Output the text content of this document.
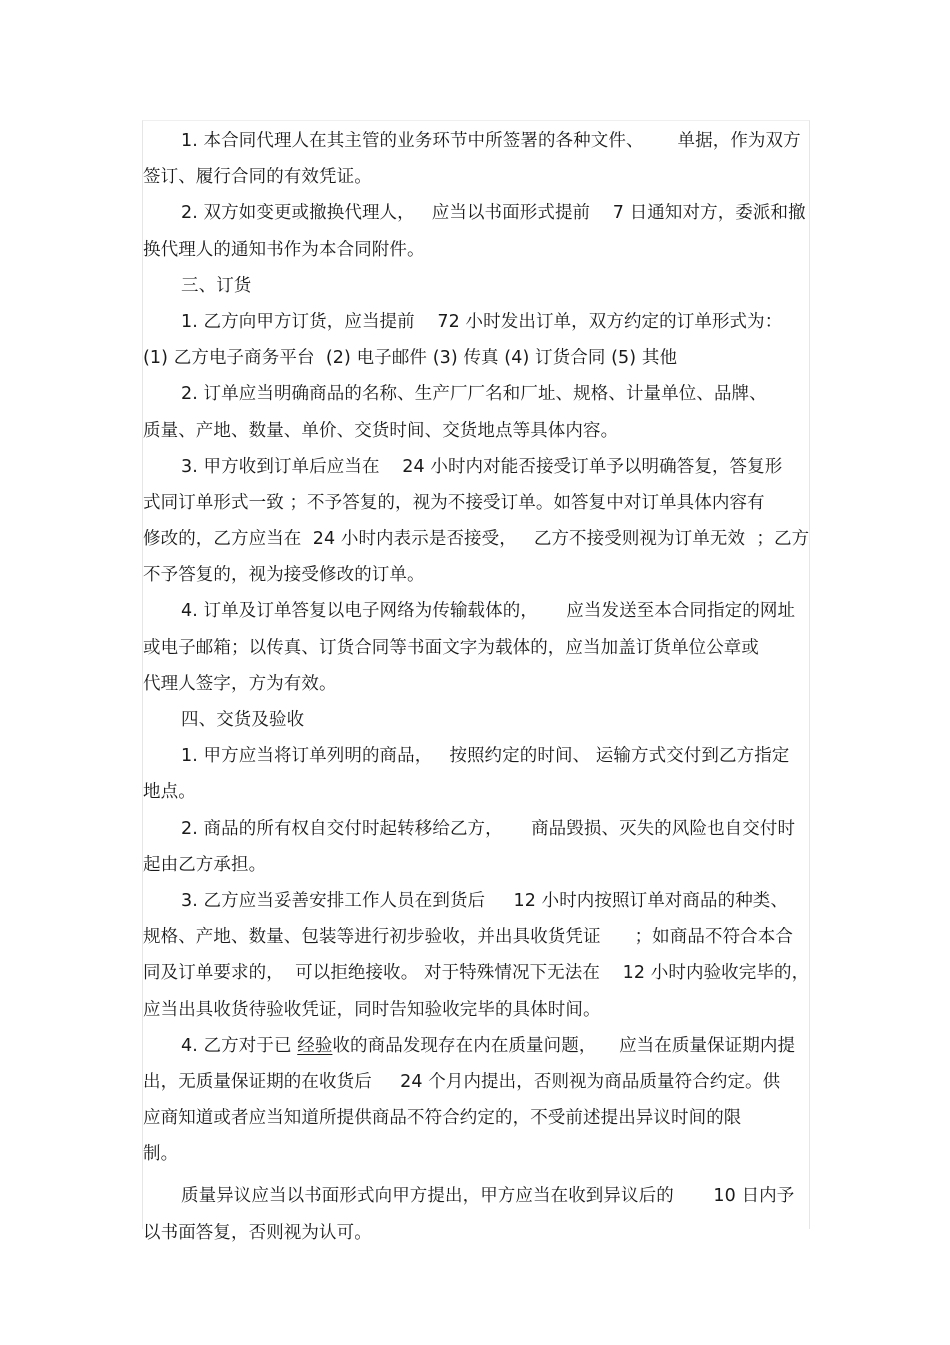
1. 本合同代理人在其主管的业务环节中所签署的各种文件、      单据，作为双方
签订、履行合同的有效凭证。
2. 双方如变更或撤换代理人，   应当以书面形式提前    7 日通知对方，委派和撤
换代理人的通知书作为本合同附件。
三、订货
1. 乙方向甲方订货，应当提前    72 小时发出订单，双方约定的订单形式为：
(1) 乙方电子商务平台  (2) 电子邮件 (3) 传真 (4) 订货合同 (5) 其他
2. 订单应当明确商品的名称、生产厂厂名和厂址、规格、计量单位、品牌、
质量、产地、数量、单价、交货时间、交货地点等具体内容。
3. 甲方收到订单后应当在    24 小时内对能否接受订单予以明确答复，答复形
式同订单形式一致 ；不予答复的，视为不接受订单。如答复中对订单具体内容有
修改的，乙方应当在  24 小时内表示是否接受，   乙方不接受则视为订单无效  ；乙方
不予答复的，视为接受修改的订单。
4. 订单及订单答复以电子网络为传输载体的，     应当发送至本合同指定的网址
或电子邮箱；以传真、订货合同等书面文字为载体的，应当加盖订货单位公章或
代理人签字，方为有效。
四、交货及验收
1. 甲方应当将订单列明的商品，   按照约定的时间、 运输方式交付到乙方指定
地点。
2. 商品的所有权自交付时起转移给乙方，     商品毁损、灭失的风险也自交付时
起由乙方承担。
3. 乙方应当妥善安排工作人员在到货后     12 小时内按照订单对商品的种类、
规格、产地、数量、包装等进行初步验收，并出具收货凭证      ；如商品不符合本合
同及订单要求的，  可以拒绝接收。 对于特殊情况下无法在    12 小时内验收完毕的，
应当出具收货待验收凭证，同时告知验收完毕的具体时间。
4. 乙方对于已 经验收的商品发现存在内在质量问题，    应当在质量保证期内提
出，无质量保证期的在收货后     24 个月内提出，否则视为商品质量符合约定。供
应商知道或者应当知道所提供商品不符合约定的，不受前述提出异议时间的限
制。
质量异议应当以书面形式向甲方提出，甲方应当在收到异议后的       10 日内予
以书面答复，否则视为认可。
